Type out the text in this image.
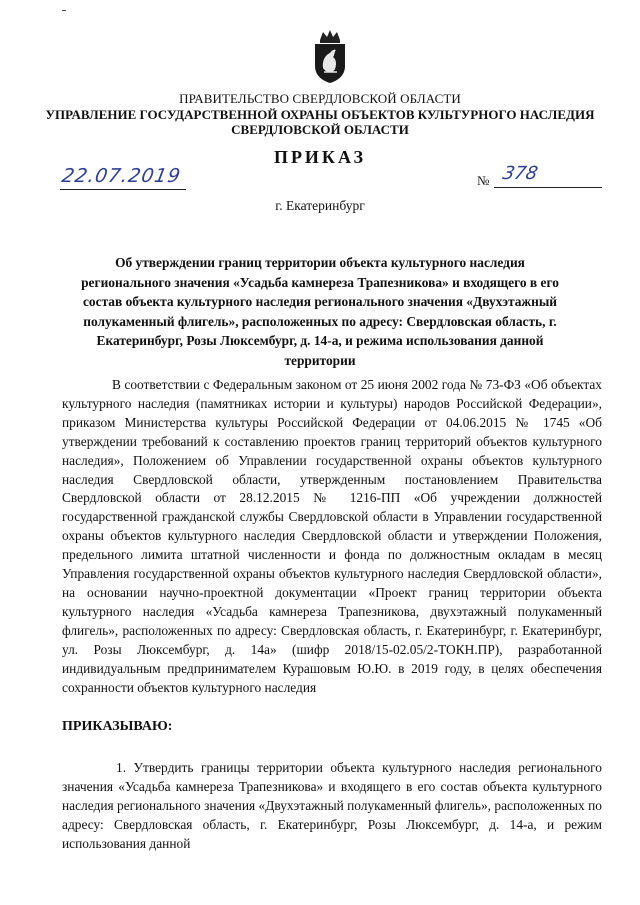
ПРАВИТЕЛЬСТВО СВЕРДЛОВСКОЙ ОБЛАСТИ
УПРАВЛЕНИЕ ГОСУДАРСТВЕННОЙ ОХРАНЫ ОБЪЕКТОВ КУЛЬТУРНОГО НАСЛЕДИЯ
СВЕРДЛОВСКОЙ ОБЛАСТИ
ПРИКАЗ
22.07.2019	№ 378
г. Екатеринбург
Об утверждении границ территории объекта культурного наследия регионального значения «Усадьба камнереза Трапезникова» и входящего в его состав объекта культурного наследия регионального значения «Двухэтажный полукаменный флигель», расположенных по адресу: Свердловская область, г. Екатеринбург, Розы Люксембург, д. 14-а, и режима использования данной территории
В соответствии с Федеральным законом от 25 июня 2002 года № 73-ФЗ «Об объектах культурного наследия (памятниках истории и культуры) народов Российской Федерации», приказом Министерства культуры Российской Федерации от 04.06.2015 № 1745 «Об утверждении требований к составлению проектов границ территорий объектов культурного наследия», Положением об Управлении государственной охраны объектов культурного наследия Свердловской области, утвержденным постановлением Правительства Свердловской области от 28.12.2015 № 1216-ПП «Об учреждении должностей государственной гражданской службы Свердловской области в Управлении государственной охраны объектов культурного наследия Свердловской области и утверждении Положения, предельного лимита штатной численности и фонда по должностным окладам в месяц Управления государственной охраны объектов культурного наследия Свердловской области», на основании научно-проектной документации «Проект границ территории объекта культурного наследия «Усадьба камнереза Трапезникова, двухэтажный полукаменный флигель», расположенных по адресу: Свердловская область, г. Екатеринбург, г. Екатеринбург, ул. Розы Люксембург, д. 14а» (шифр 2018/15-02.05/2-ТОКН.ПР), разработанной индивидуальным предпринимателем Курашовым Ю.Ю. в 2019 году, в целях обеспечения сохранности объектов культурного наследия
ПРИКАЗЫВАЮ:
1. Утвердить границы территории объекта культурного наследия регионального значения «Усадьба камнереза Трапезникова» и входящего в его состав объекта культурного наследия регионального значения «Двухэтажный полукаменный флигель», расположенных по адресу: Свердловская область, г. Екатеринбург, Розы Люксембург, д. 14-а, и режим использования данной
